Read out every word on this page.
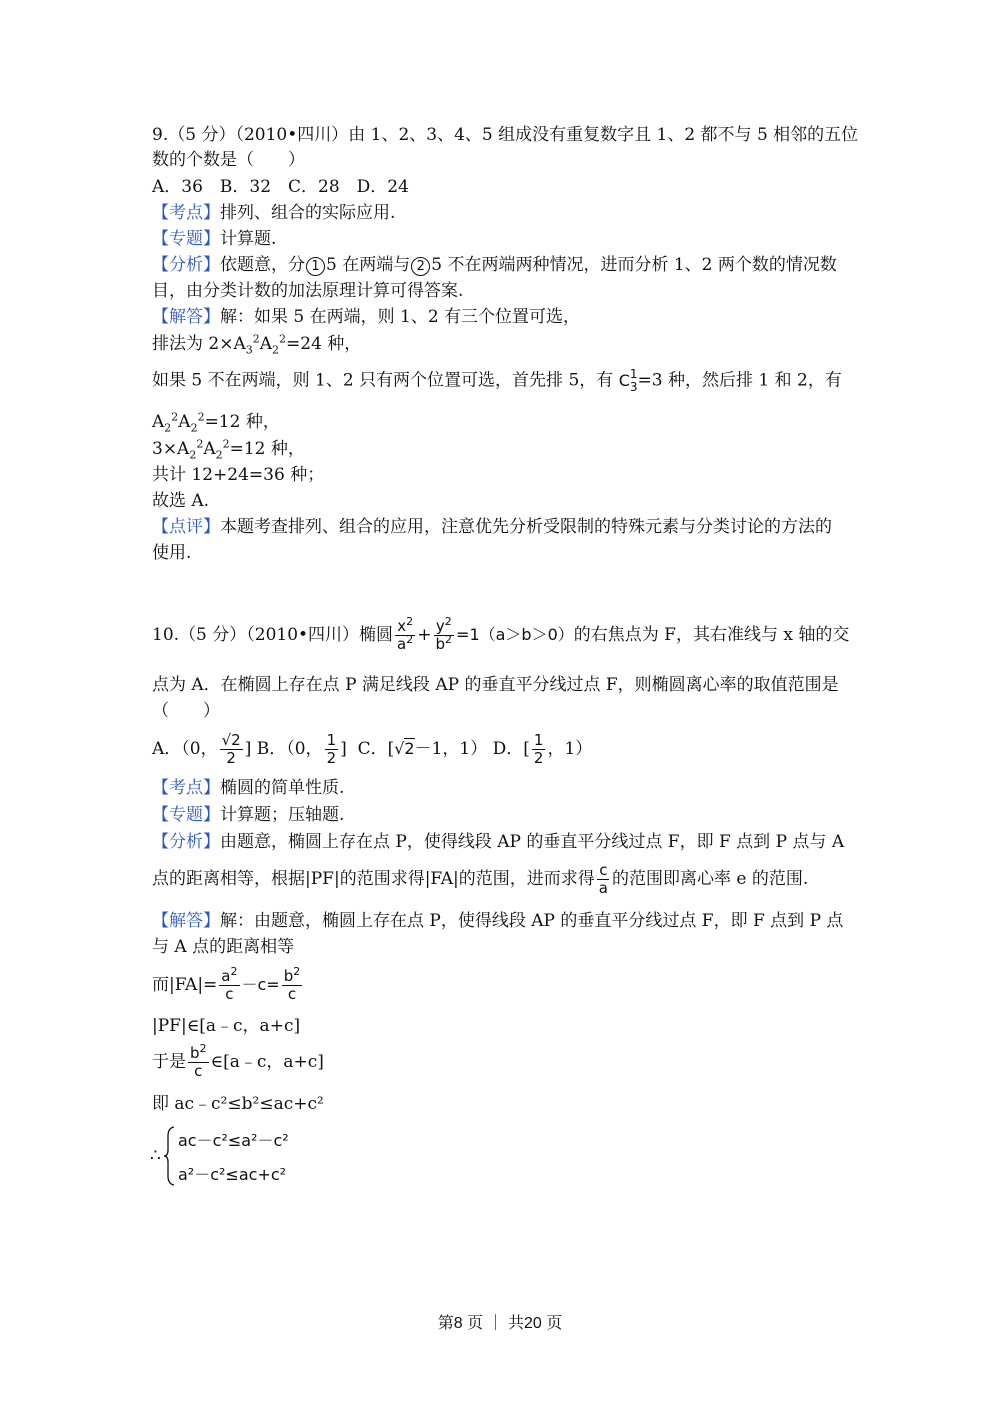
9.（5 分）（2010•四川）由 1、2、3、4、5 组成没有重复数字且 1、2 都不与 5 相邻的五位
数的个数是（　　）
A．36　B．32　C．28　D．24
【考点】排列、组合的实际应用.
【专题】计算题.
【分析】依题意，分 1 5 在两端与 2 5 不在两端两种情况，进而分析 1、2 两个数的情况数
目，由分类计数的加法原理计算可得答案.
【解答】解：如果 5 在两端，则 1、2 有三个位置可选，
排法为 $2\times A_3^2A_2^2=24$ 种，
如果 5 不在两端，则 1、2 只有两个位置可选，首先排 5，有 C 1
3 =3 种，然后排 1 和 2，有
$A_2^2A_2^2=12$ 种，
$3\times A_2^2A_2^2=12$ 种，
共计 12+24=36 种；
故选 A.
【点评】本题考查排列、组合的应用，注意优先分析受限制的特殊元素与分类讨论的方法的
使用.
10.（5 分）（2010•四川）椭圆 $\frac{x^2}{a^2} + \frac{y^2}{b^2} =1(a>b>0)$的右焦点为 F，其右准线与 x 轴的交
点为 A．在椭圆上存在点 P 满足线段 AP 的垂直平分线过点 F，则椭圆离心率的取值范围是
（　　）
A．（0， $\frac{√2}{2}$ ] B．（0， $\frac{1}{2}$ ]  C．[√2－1，1） D．[ $\frac{1}{2}$ ，1）
【考点】椭圆的简单性质.
【专题】计算题；压轴题.
【分析】由题意，椭圆上存在点 P，使得线段 AP 的垂直平分线过点 F，即 F 点到 P 点与 A
点的距离相等，根据|PF|的范围求得|FA|的范围，进而求得 $\frac{c}{a}$ 的范围即离心率 e 的范围.
【解答】解：由题意，椭圆上存在点 P，使得线段 AP 的垂直平分线过点 F，即 F 点到 P 点
与 A 点的距离相等
而$|FA|= \frac{a^2}{c} -c= \frac{b^2}{c}$
|PF|∈[a﹣c，a+c]
于是 $\frac{b^2}{c}$ ∈[a﹣c，a+c]
即 ac﹣c²≤b²≤ac+c²
∴
ac－c²≤a²－c²
a²－c²≤ac+c²
第8 页 ｜ 共20 页
